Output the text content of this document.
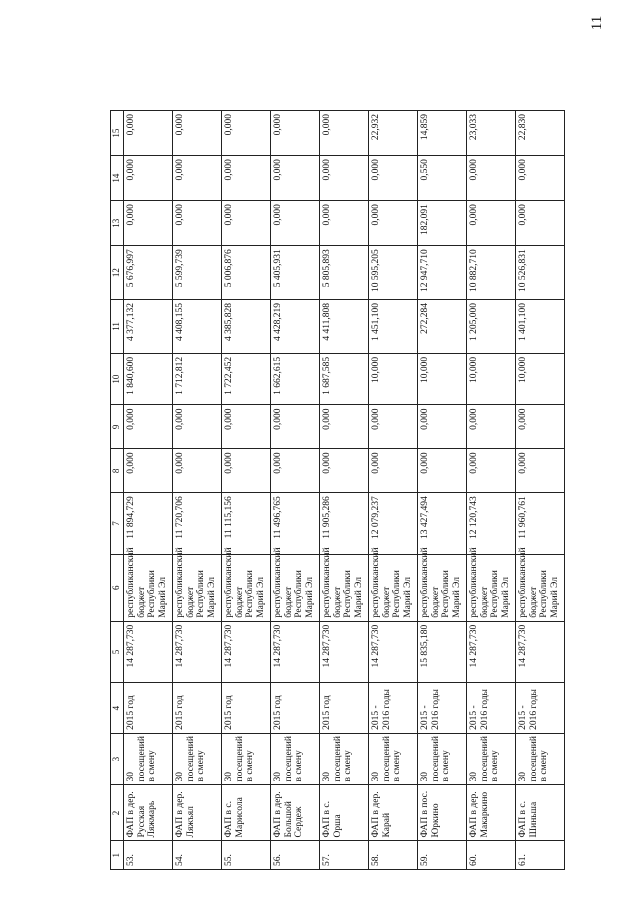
11
1	2	3	4	5	6	7	8	9	10	11	12	13	14	15
53.	ФАП в дер. Русская Ляжмарь	30 посещений в смену	2015 год	14 287,730	республиканский бюджет Республики Марий Эл	11 894,729	0,000	0,000	1 840,600	4 377,132	5 676,997	0,000	0,000	0,000
54.	ФАП в дер. Ляжъял	30 посещений в смену	2015 год	14 287,730	республиканский бюджет Республики Марий Эл	11 720,706	0,000	0,000	1 712,812	4 408,155	5 599,739	0,000	0,000	0,000
55.	ФАП в с. Марисола	30 посещений в смену	2015 год	14 287,730	республиканский бюджет Республики Марий Эл	11 115,156	0,000	0,000	1 722,452	4 385,828	5 006,876	0,000	0,000	0,000
56.	ФАП в дер. Большой Сердеж	30 посещений в смену	2015 год	14 287,730	республиканский бюджет Республики Марий Эл	11 496,765	0,000	0,000	1 662,615	4 428,219	5 405,931	0,000	0,000	0,000
57.	ФАП в с. Орша	30 посещений в смену	2015 год	14 287,730	республиканский бюджет Республики Марий Эл	11 905,286	0,000	0,000	1 687,585	4 411,808	5 805,893	0,000	0,000	0,000
58.	ФАП в дер. Карай	30 посещений в смену	2015 - 2016 годы	14 287,730	республиканский бюджет Республики Марий Эл	12 079,237	0,000	0,000	10,000	1 451,100	10 595,205	0,000	0,000	22,932
59.	ФАП в пос. Юркино	30 посещений в смену	2015 - 2016 годы	15 835,180	республиканский бюджет Республики Марий Эл	13 427,494	0,000	0,000	10,000	272,284	12 947,710	182,091	0,550	14,859
60.	ФАП в дер. Макаркино	30 посещений в смену	2015 - 2016 годы	14 287,730	республиканский бюджет Республики Марий Эл	12 120,743	0,000	0,000	10,000	1 205,000	10 882,710	0,000	0,000	23,033
61.	ФАП в с. Шиньша	30 посещений в смену	2015 - 2016 годы	14 287,730	республиканский бюджет Республики Марий Эл	11 960,761	0,000	0,000	10,000	1 401,100	10 526,831	0,000	0,000	22,830
